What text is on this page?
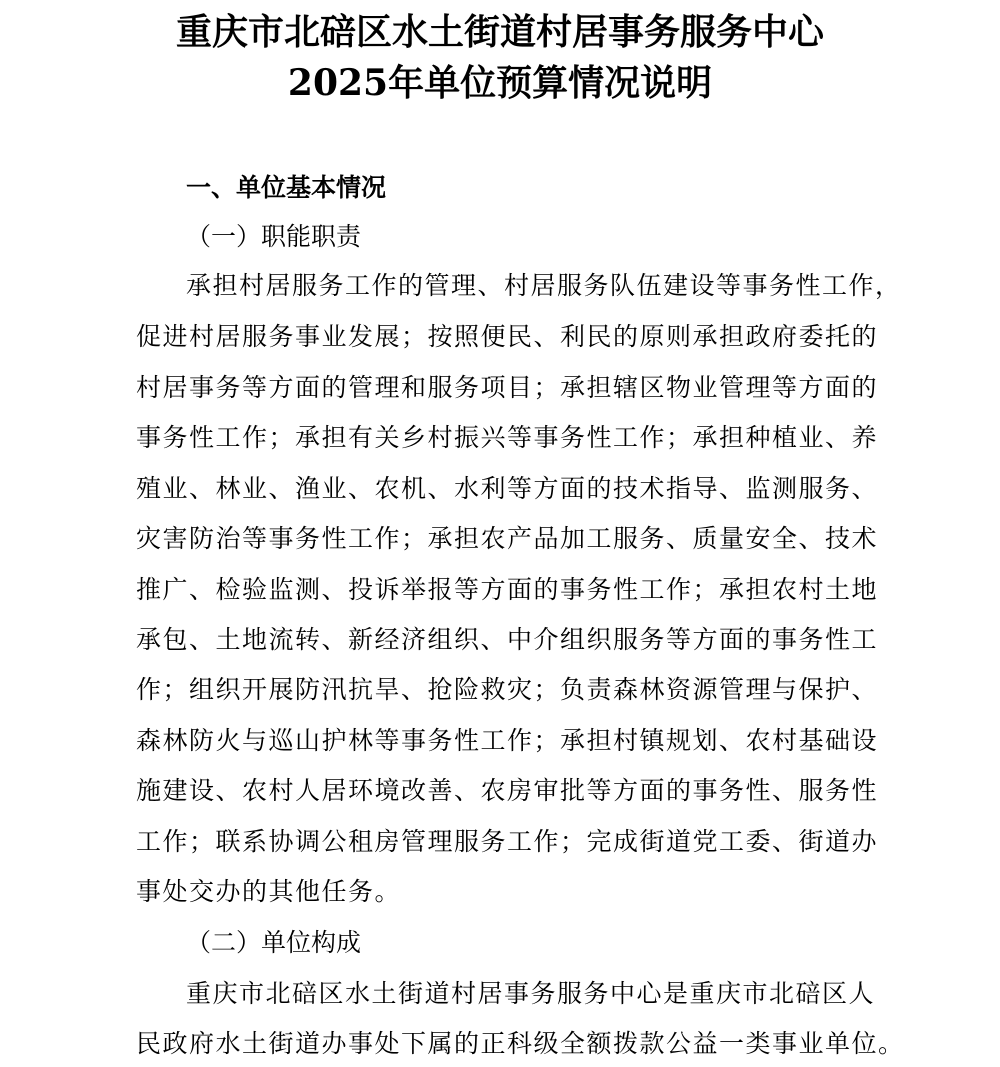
重庆市北碚区水土街道村居事务服务中心
2025年单位预算情况说明
一、单位基本情况
（一）职能职责
承担村居服务工作的管理、村居服务队伍建设等事务性工作，
促进村居服务事业发展；按照便民、利民的原则承担政府委托的
村居事务等方面的管理和服务项目；承担辖区物业管理等方面的
事务性工作；承担有关乡村振兴等事务性工作；承担种植业、养
殖业、林业、渔业、农机、水利等方面的技术指导、监测服务、
灾害防治等事务性工作；承担农产品加工服务、质量安全、技术
推广、检验监测、投诉举报等方面的事务性工作；承担农村土地
承包、土地流转、新经济组织、中介组织服务等方面的事务性工
作；组织开展防汛抗旱、抢险救灾；负责森林资源管理与保护、
森林防火与巡山护林等事务性工作；承担村镇规划、农村基础设
施建设、农村人居环境改善、农房审批等方面的事务性、服务性
工作；联系协调公租房管理服务工作；完成街道党工委、街道办
事处交办的其他任务。
（二）单位构成
重庆市北碚区水土街道村居事务服务中心是重庆市北碚区人
民政府水土街道办事处下属的正科级全额拨款公益一类事业单位。
